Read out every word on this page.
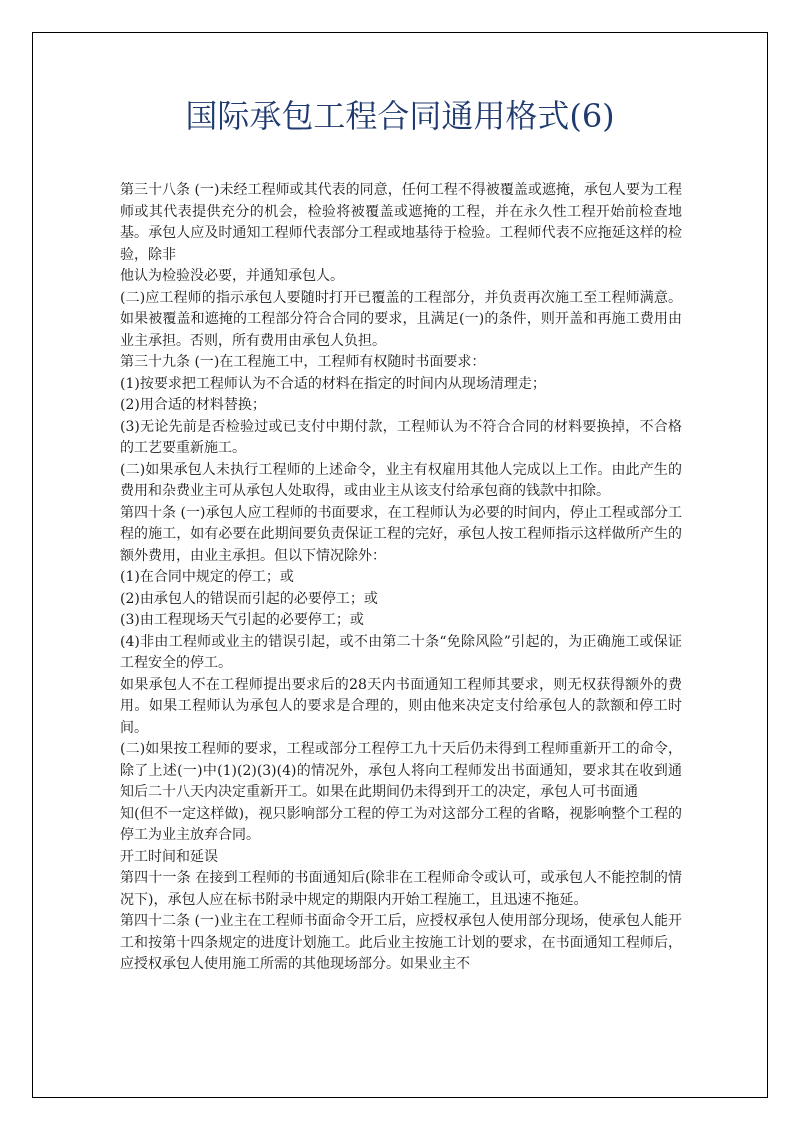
国际承包工程合同通用格式(6)

第三十八条 (一)未经工程师或其代表的同意，任何工程不得被覆盖或遮掩，承包人要为工程师或其代表提供充分的机会，检验将被覆盖或遮掩的工程，并在永久性工程开始前检查地基。承包人应及时通知工程师代表部分工程或地基待于检验。工程师代表不应拖延这样的检验，除非

他认为检验没必要，并通知承包人。

(二)应工程师的指示承包人要随时打开已覆盖的工程部分，并负责再次施工至工程师满意。如果被覆盖和遮掩的工程部分符合合同的要求，且满足(一)的条件，则开盖和再施工费用由业主承担。否则，所有费用由承包人负担。

第三十九条 (一)在工程施工中，工程师有权随时书面要求：

(1)按要求把工程师认为不合适的材料在指定的时间内从现场清理走；

(2)用合适的材料替换；

(3)无论先前是否检验过或已支付中期付款，工程师认为不符合合同的材料要换掉，不合格的工艺要重新施工。

(二)如果承包人未执行工程师的上述命令，业主有权雇用其他人完成以上工作。由此产生的费用和杂费业主可从承包人处取得，或由业主从该支付给承包商的钱款中扣除。

第四十条 (一)承包人应工程师的书面要求，在工程师认为必要的时间内，停止工程或部分工程的施工，如有必要在此期间要负责保证工程的完好，承包人按工程师指示这样做所产生的额外费用，由业主承担。但以下情况除外：

(1)在合同中规定的停工；或

(2)由承包人的错误而引起的必要停工；或

(3)由工程现场天气引起的必要停工；或

(4)非由工程师或业主的错误引起，或不由第二十条“免除风险”引起的，为正确施工或保证工程安全的停工。

如果承包人不在工程师提出要求后的28天内书面通知工程师其要求，则无权获得额外的费用。如果工程师认为承包人的要求是合理的，则由他来决定支付给承包人的款额和停工时间。

(二)如果按工程师的要求，工程或部分工程停工九十天后仍未得到工程师重新开工的命令，除了上述(一)中(1)(2)(3)(4)的情况外，承包人将向工程师发出书面通知，要求其在收到通知后二十八天内决定重新开工。如果在此期间仍未得到开工的决定，承包人可书面通

知(但不一定这样做)，视只影响部分工程的停工为对这部分工程的省略，视影响整个工程的停工为业主放弃合同。

开工时间和延误

第四十一条 在接到工程师的书面通知后(除非在工程师命令或认可，或承包人不能控制的情况下)，承包人应在标书附录中规定的期限内开始工程施工，且迅速不拖延。

第四十二条 (一)业主在工程师书面命令开工后，应授权承包人使用部分现场，使承包人能开工和按第十四条规定的进度计划施工。此后业主按施工计划的要求，在书面通知工程师后，应授权承包人使用施工所需的其他现场部分。如果业主不
